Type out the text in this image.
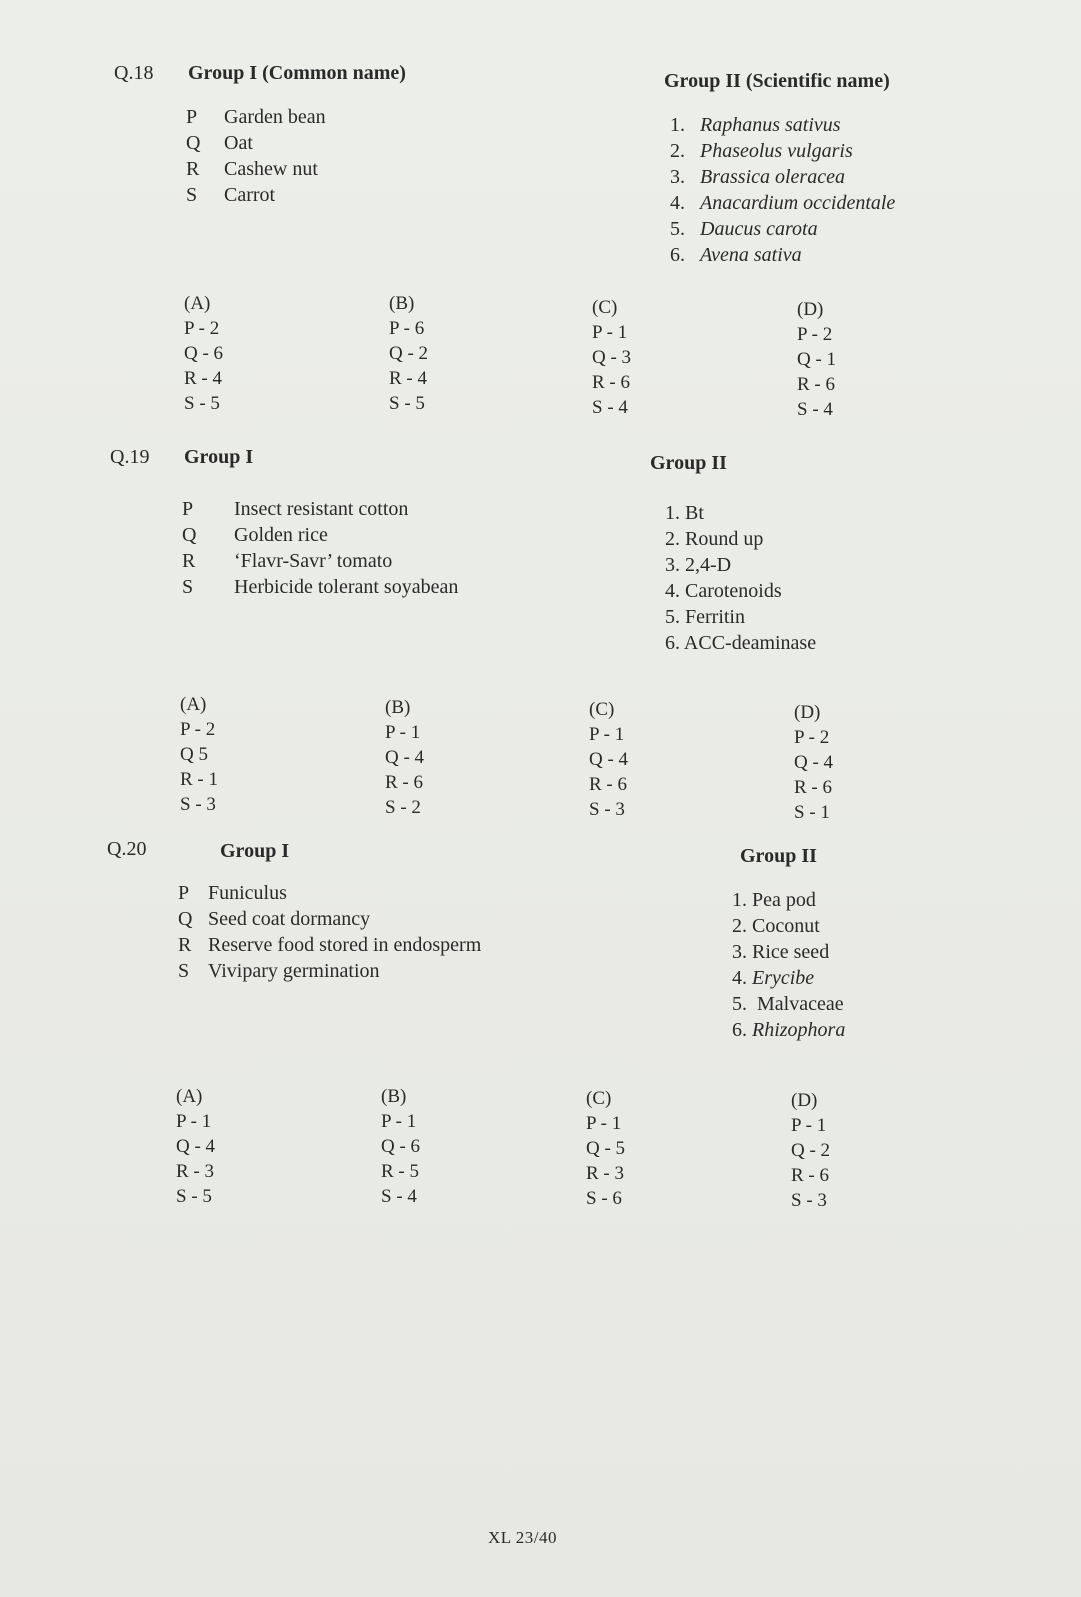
Q.18 Group I (Common name)	Group II (Scientific name)
P Garden bean
Q Oat
R Cashew nut
S Carrot
1. Raphanus sativus
2. Phaseolus vulgaris
3. Brassica oleracea
4. Anacardium occidentale
5. Daucus carota
6. Avena sativa
(A)
P - 2
Q - 6
R - 4
S - 5
(B)
P - 6
Q - 2
R - 4
S - 5
(C)
P - 1
Q - 3
R - 6
S - 4
(D)
P - 2
Q - 1
R - 6
S - 4
Q.19 Group I	Group II
P Insect resistant cotton
Q Golden rice
R ‘Flavr-Savr’ tomato
S Herbicide tolerant soyabean
1. Bt
2. Round up
3. 2,4-D
4. Carotenoids
5. Ferritin
6. ACC-deaminase
(A)
P - 2
Q 5
R - 1
S - 3
(B)
P - 1
Q - 4
R - 6
S - 2
(C)
P - 1
Q - 4
R - 6
S - 3
(D)
P - 2
Q - 4
R - 6
S - 1
Q.20	Group I	Group II
P Funiculus
Q Seed coat dormancy
R Reserve food stored in endosperm
S Vivipary germination
1. Pea pod
2. Coconut
3. Rice seed
4. Erycibe
5. Malvaceae
6. Rhizophora
(A)
P - 1
Q - 4
R - 3
S - 5
(B)
P - 1
Q - 6
R - 5
S - 4
(C)
P - 1
Q - 5
R - 3
S - 6
(D)
P - 1
Q - 2
R - 6
S - 3
XL 23/40
